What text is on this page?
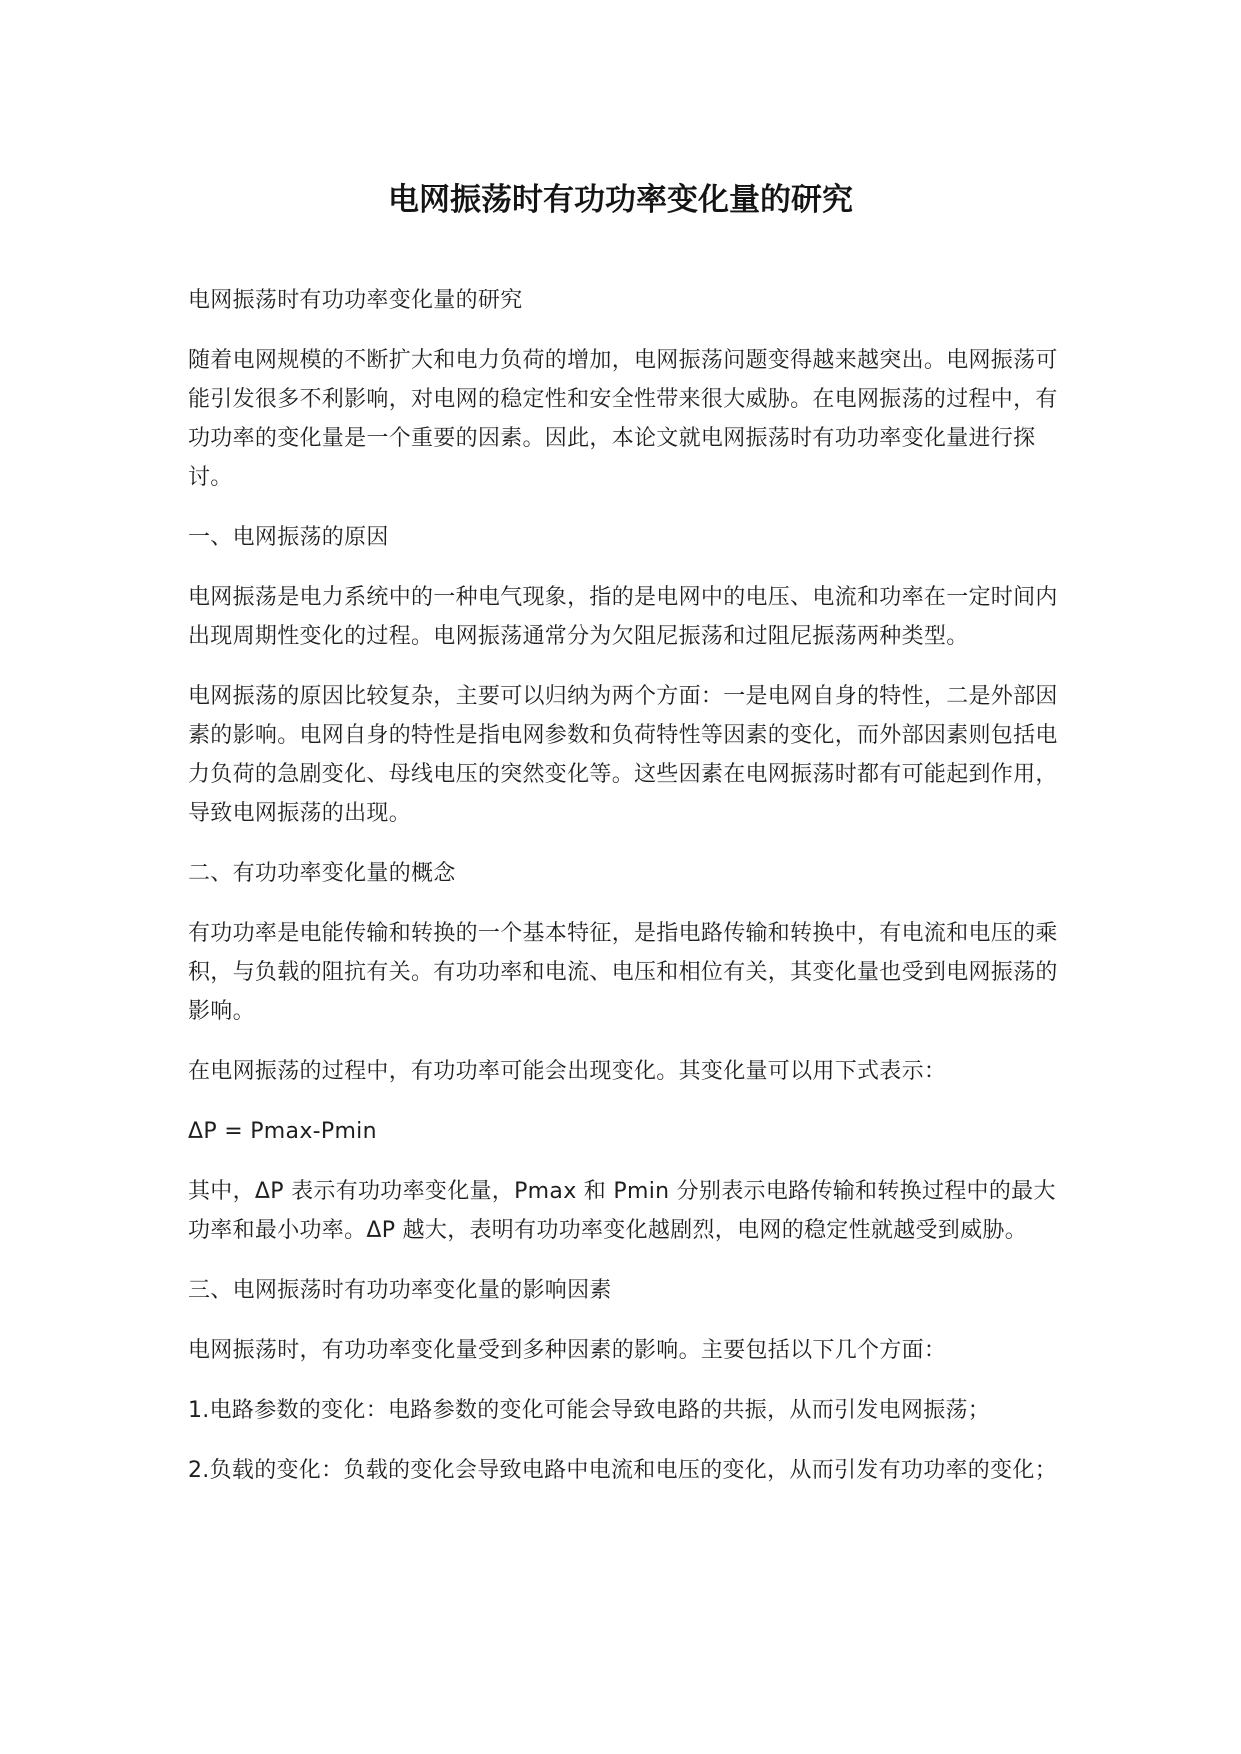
电网振荡时有功功率变化量的研究

电网振荡时有功功率变化量的研究

随着电网规模的不断扩大和电力负荷的增加，电网振荡问题变得越来越突出。电网振荡可能引发很多不利影响，对电网的稳定性和安全性带来很大威胁。在电网振荡的过程中，有功功率的变化量是一个重要的因素。因此，本论文就电网振荡时有功功率变化量进行探讨。

一、电网振荡的原因

电网振荡是电力系统中的一种电气现象，指的是电网中的电压、电流和功率在一定时间内出现周期性变化的过程。电网振荡通常分为欠阻尼振荡和过阻尼振荡两种类型。

电网振荡的原因比较复杂，主要可以归纳为两个方面：一是电网自身的特性，二是外部因素的影响。电网自身的特性是指电网参数和负荷特性等因素的变化，而外部因素则包括电力负荷的急剧变化、母线电压的突然变化等。这些因素在电网振荡时都有可能起到作用，导致电网振荡的出现。

二、有功功率变化量的概念

有功功率是电能传输和转换的一个基本特征，是指电路传输和转换中，有电流和电压的乘积，与负载的阻抗有关。有功功率和电流、电压和相位有关，其变化量也受到电网振荡的影响。

在电网振荡的过程中，有功功率可能会出现变化。其变化量可以用下式表示：

ΔP = Pmax-Pmin

其中，ΔP 表示有功功率变化量，Pmax 和 Pmin 分别表示电路传输和转换过程中的最大功率和最小功率。ΔP 越大，表明有功功率变化越剧烈，电网的稳定性就越受到威胁。

三、电网振荡时有功功率变化量的影响因素

电网振荡时，有功功率变化量受到多种因素的影响。主要包括以下几个方面：

1.电路参数的变化：电路参数的变化可能会导致电路的共振，从而引发电网振荡；

2.负载的变化：负载的变化会导致电路中电流和电压的变化，从而引发有功功率的变化；
